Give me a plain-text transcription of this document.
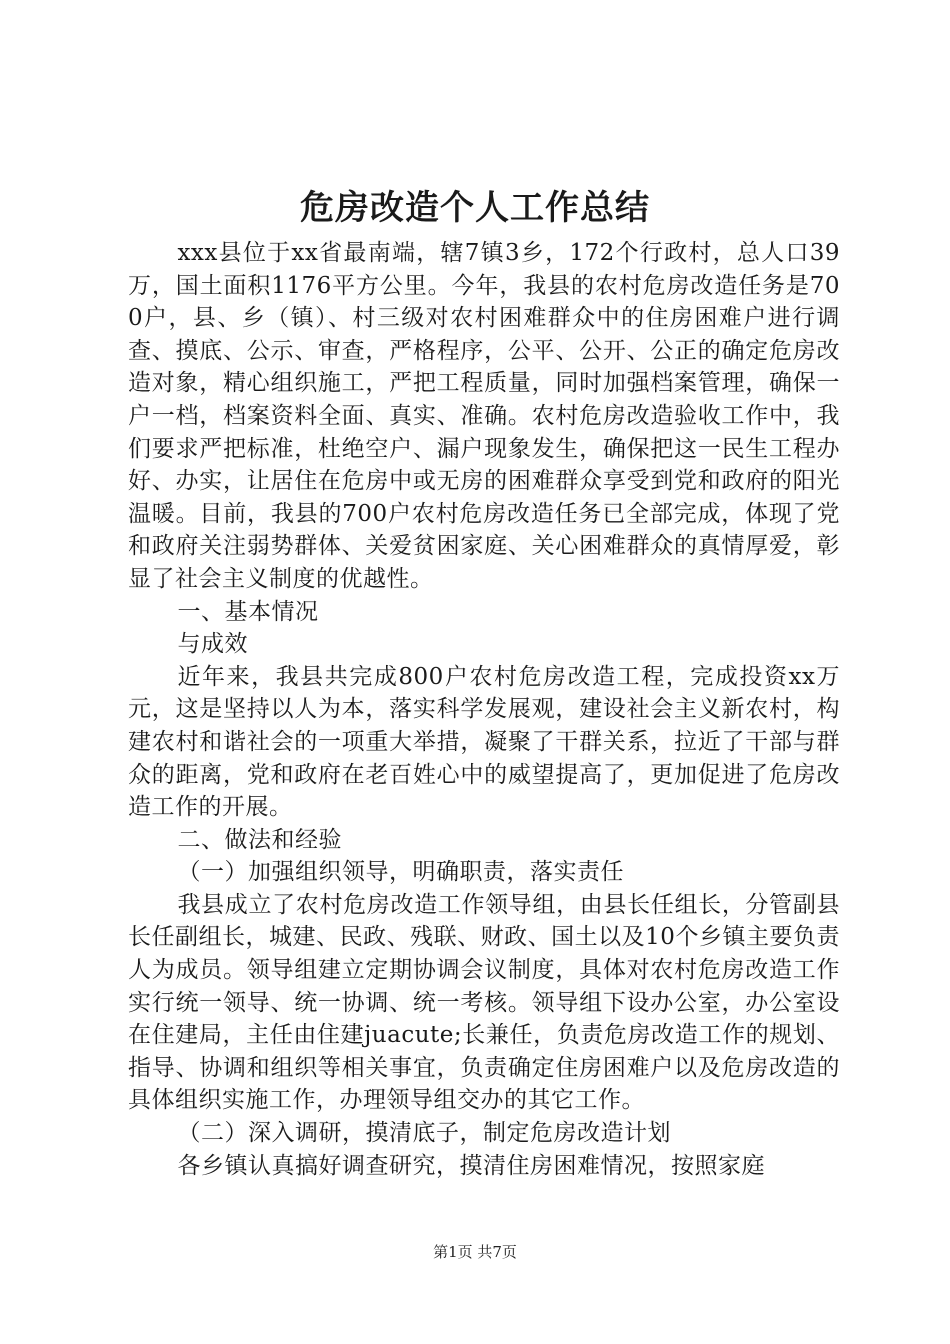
危房改造个人工作总结

xxx县位于xx省最南端，辖7镇3乡，172个行政村，总人口39万，国土面积1176平方公里。今年，我县的农村危房改造任务是700户，县、乡（镇）、村三级对农村困难群众中的住房困难户进行调查、摸底、公示、审查，严格程序，公平、公开、公正的确定危房改造对象，精心组织施工，严把工程质量，同时加强档案管理，确保一户一档，档案资料全面、真实、准确。农村危房改造验收工作中，我们要求严把标准，杜绝空户、漏户现象发生，确保把这一民生工程办好、办实，让居住在危房中或无房的困难群众享受到党和政府的阳光温暖。目前，我县的700户农村危房改造任务已全部完成，体现了党和政府关注弱势群体、关爱贫困家庭、关心困难群众的真情厚爱，彰显了社会主义制度的优越性。

一、基本情况

与成效

近年来，我县共完成800户农村危房改造工程，完成投资xx万元，这是坚持以人为本，落实科学发展观，建设社会主义新农村，构建农村和谐社会的一项重大举措，凝聚了干群关系，拉近了干部与群众的距离，党和政府在老百姓心中的威望提高了，更加促进了危房改造工作的开展。

二、做法和经验

（一）加强组织领导，明确职责，落实责任

我县成立了农村危房改造工作领导组，由县长任组长，分管副县长任副组长，城建、民政、残联、财政、国土以及10个乡镇主要负责人为成员。领导组建立定期协调会议制度，具体对农村危房改造工作实行统一领导、统一协调、统一考核。领导组下设办公室，办公室设在住建局，主任由住建juacute;长兼任，负责危房改造工作的规划、指导、协调和组织等相关事宜，负责确定住房困难户以及危房改造的具体组织实施工作，办理领导组交办的其它工作。

（二）深入调研，摸清底子，制定危房改造计划

各乡镇认真搞好调查研究，摸清住房困难情况，按照家庭

第1页 共7页
